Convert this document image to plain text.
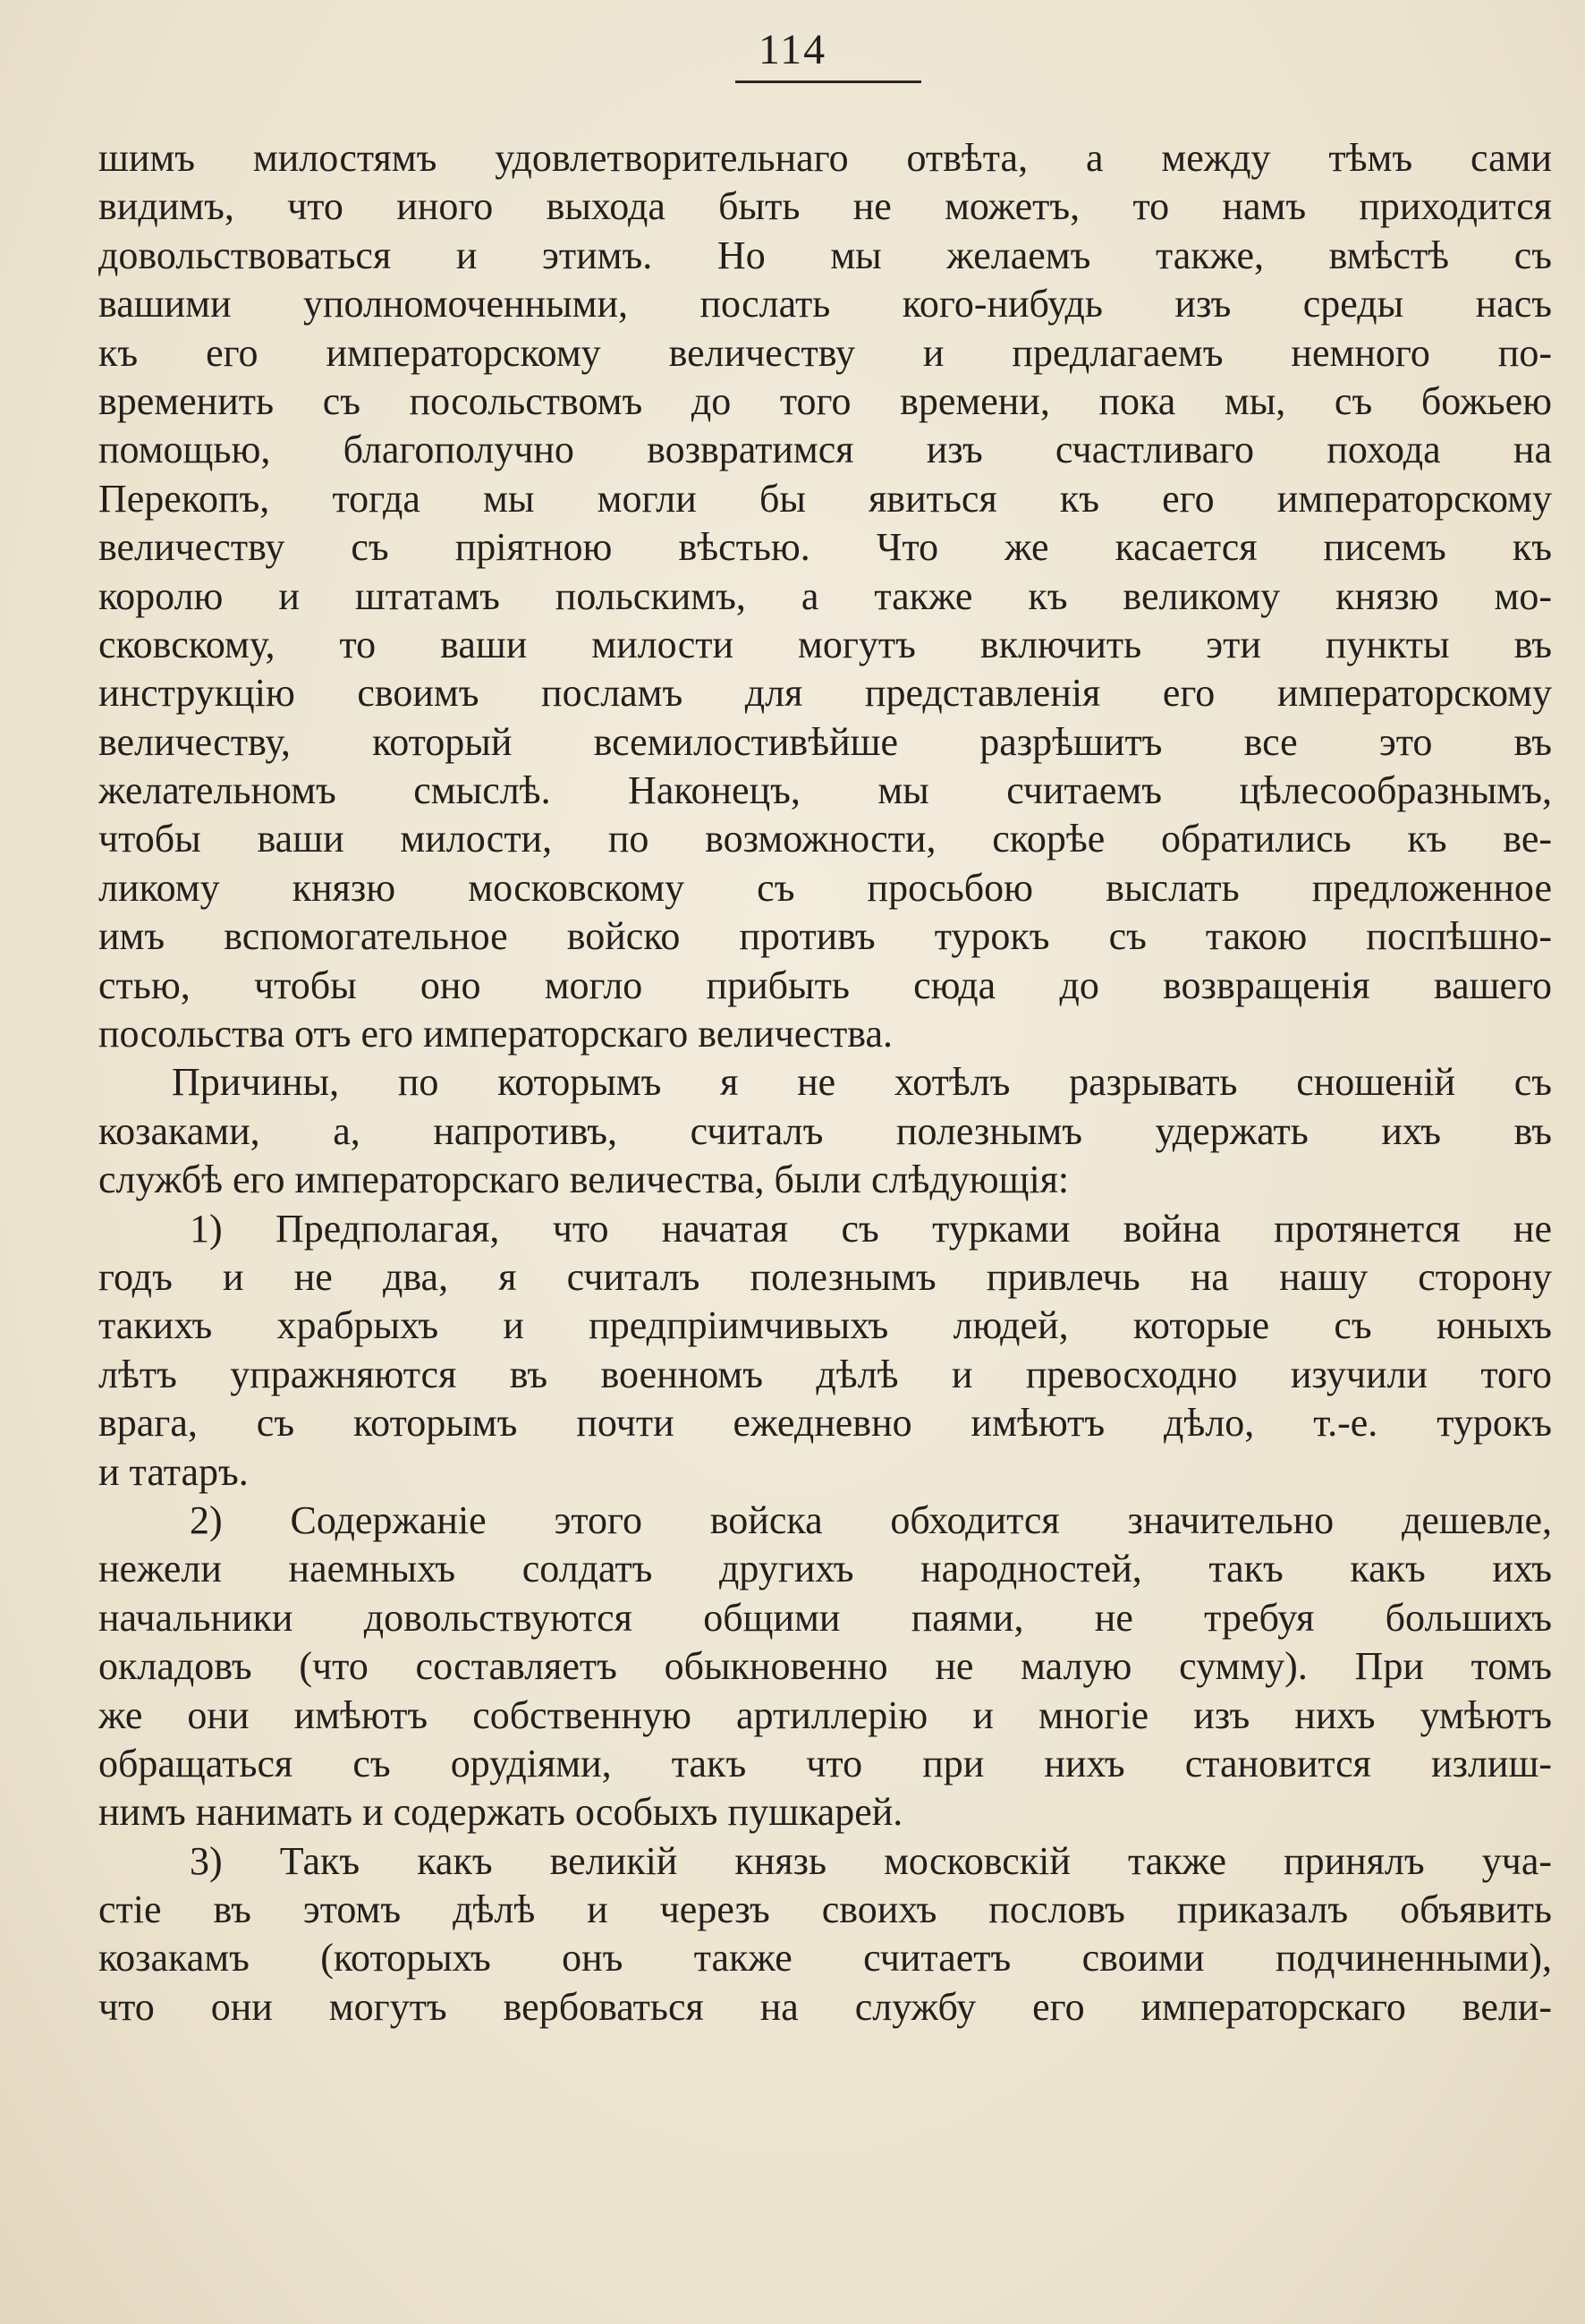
114
шимъ милостямъ удовлетворительнаго отвѣта, а между тѣмъ сами
видимъ, что иного выхода быть не можетъ, то намъ приходится
довольствоваться и этимъ. Но мы желаемъ также, вмѣстѣ съ
вашими уполномоченными, послать кого-нибудь изъ среды насъ
къ его императорскому величеству и предлагаемъ немного по-
временить съ посольствомъ до того времени, пока мы, съ божьею
помощью, благополучно возвратимся изъ счастливаго похода на
Перекопъ, тогда мы могли бы явиться къ его императорскому
величеству съ пріятною вѣстью. Что же касается писемъ къ
королю и штатамъ польскимъ, а также къ великому князю мо-
сковскому, то ваши милости могутъ включить эти пункты въ
инструкцію своимъ посламъ для представленія его императорскому
величеству, который всемилостивѣйше разрѣшитъ все это въ
желательномъ смыслѣ. Наконецъ, мы считаемъ цѣлесообразнымъ,
чтобы ваши милости, по возможности, скорѣе обратились къ ве-
ликому князю московскому съ просьбою выслать предложенное
имъ вспомогательное войско противъ турокъ съ такою поспѣшно-
стью, чтобы оно могло прибыть сюда до возвращенія вашего
посольства отъ его императорскаго величества.
Причины, по которымъ я не хотѣлъ разрывать сношеній съ
козаками, а, напротивъ, считалъ полезнымъ удержать ихъ въ
службѣ его императорскаго величества, были слѣдующія:
1) Предполагая, что начатая съ турками война протянется не
годъ и не два, я считалъ полезнымъ привлечь на нашу сторону
такихъ храбрыхъ и предпріимчивыхъ людей, которые съ юныхъ
лѣтъ упражняются въ военномъ дѣлѣ и превосходно изучили того
врага, съ которымъ почти ежедневно имѣютъ дѣло, т.-е. турокъ
и татаръ.
2) Содержаніе этого войска обходится значительно дешевле,
нежели наемныхъ солдатъ другихъ народностей, такъ какъ ихъ
начальники довольствуются общими паями, не требуя большихъ
окладовъ (что составляетъ обыкновенно не малую сумму). При томъ
же они имѣютъ собственную артиллерію и многіе изъ нихъ умѣютъ
обращаться съ орудіями, такъ что при нихъ становится излиш-
нимъ нанимать и содержать особыхъ пушкарей.
3) Такъ какъ великій князь московскій также принялъ уча-
стіе въ этомъ дѣлѣ и черезъ своихъ пословъ приказалъ объявить
козакамъ (которыхъ онъ также считаетъ своими подчиненными),
что они могутъ вербоваться на службу его императорскаго вели-
